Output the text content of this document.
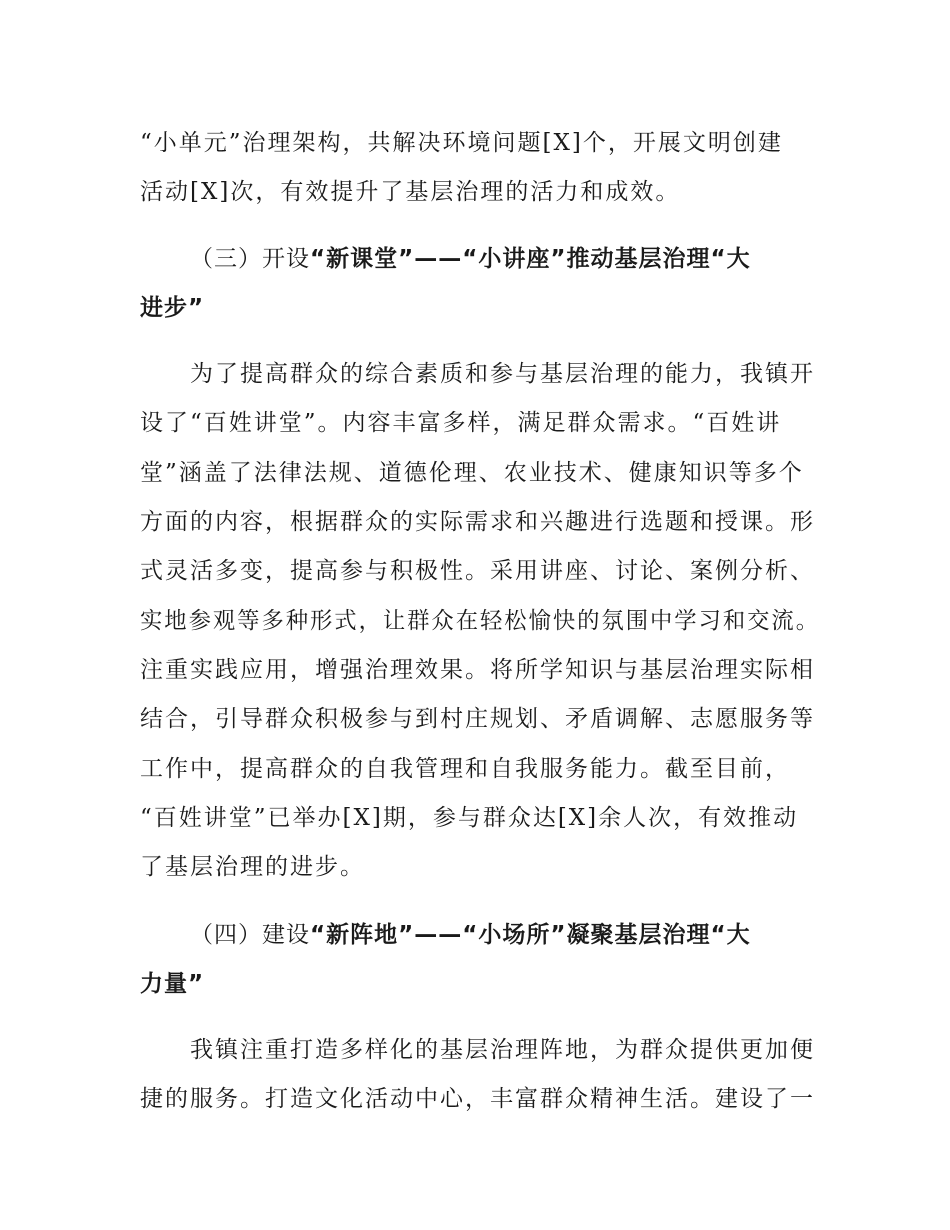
“小单元”治理架构，共解决环境问题[X]个，开展文明创建
活动[X]次，有效提升了基层治理的活力和成效。
（三）开设“新课堂”——“小讲座”推动基层治理“大
进步”
为了提高群众的综合素质和参与基层治理的能力，我镇开
设了“百姓讲堂”。内容丰富多样，满足群众需求。“百姓讲
堂”涵盖了法律法规、道德伦理、农业技术、健康知识等多个
方面的内容，根据群众的实际需求和兴趣进行选题和授课。形
式灵活多变，提高参与积极性。采用讲座、讨论、案例分析、
实地参观等多种形式，让群众在轻松愉快的氛围中学习和交流。
注重实践应用，增强治理效果。将所学知识与基层治理实际相
结合，引导群众积极参与到村庄规划、矛盾调解、志愿服务等
工作中，提高群众的自我管理和自我服务能力。截至目前，
“百姓讲堂”已举办[X]期，参与群众达[X]余人次，有效推动
了基层治理的进步。
（四）建设“新阵地”——“小场所”凝聚基层治理“大
力量”
我镇注重打造多样化的基层治理阵地，为群众提供更加便
捷的服务。打造文化活动中心，丰富群众精神生活。建设了一
